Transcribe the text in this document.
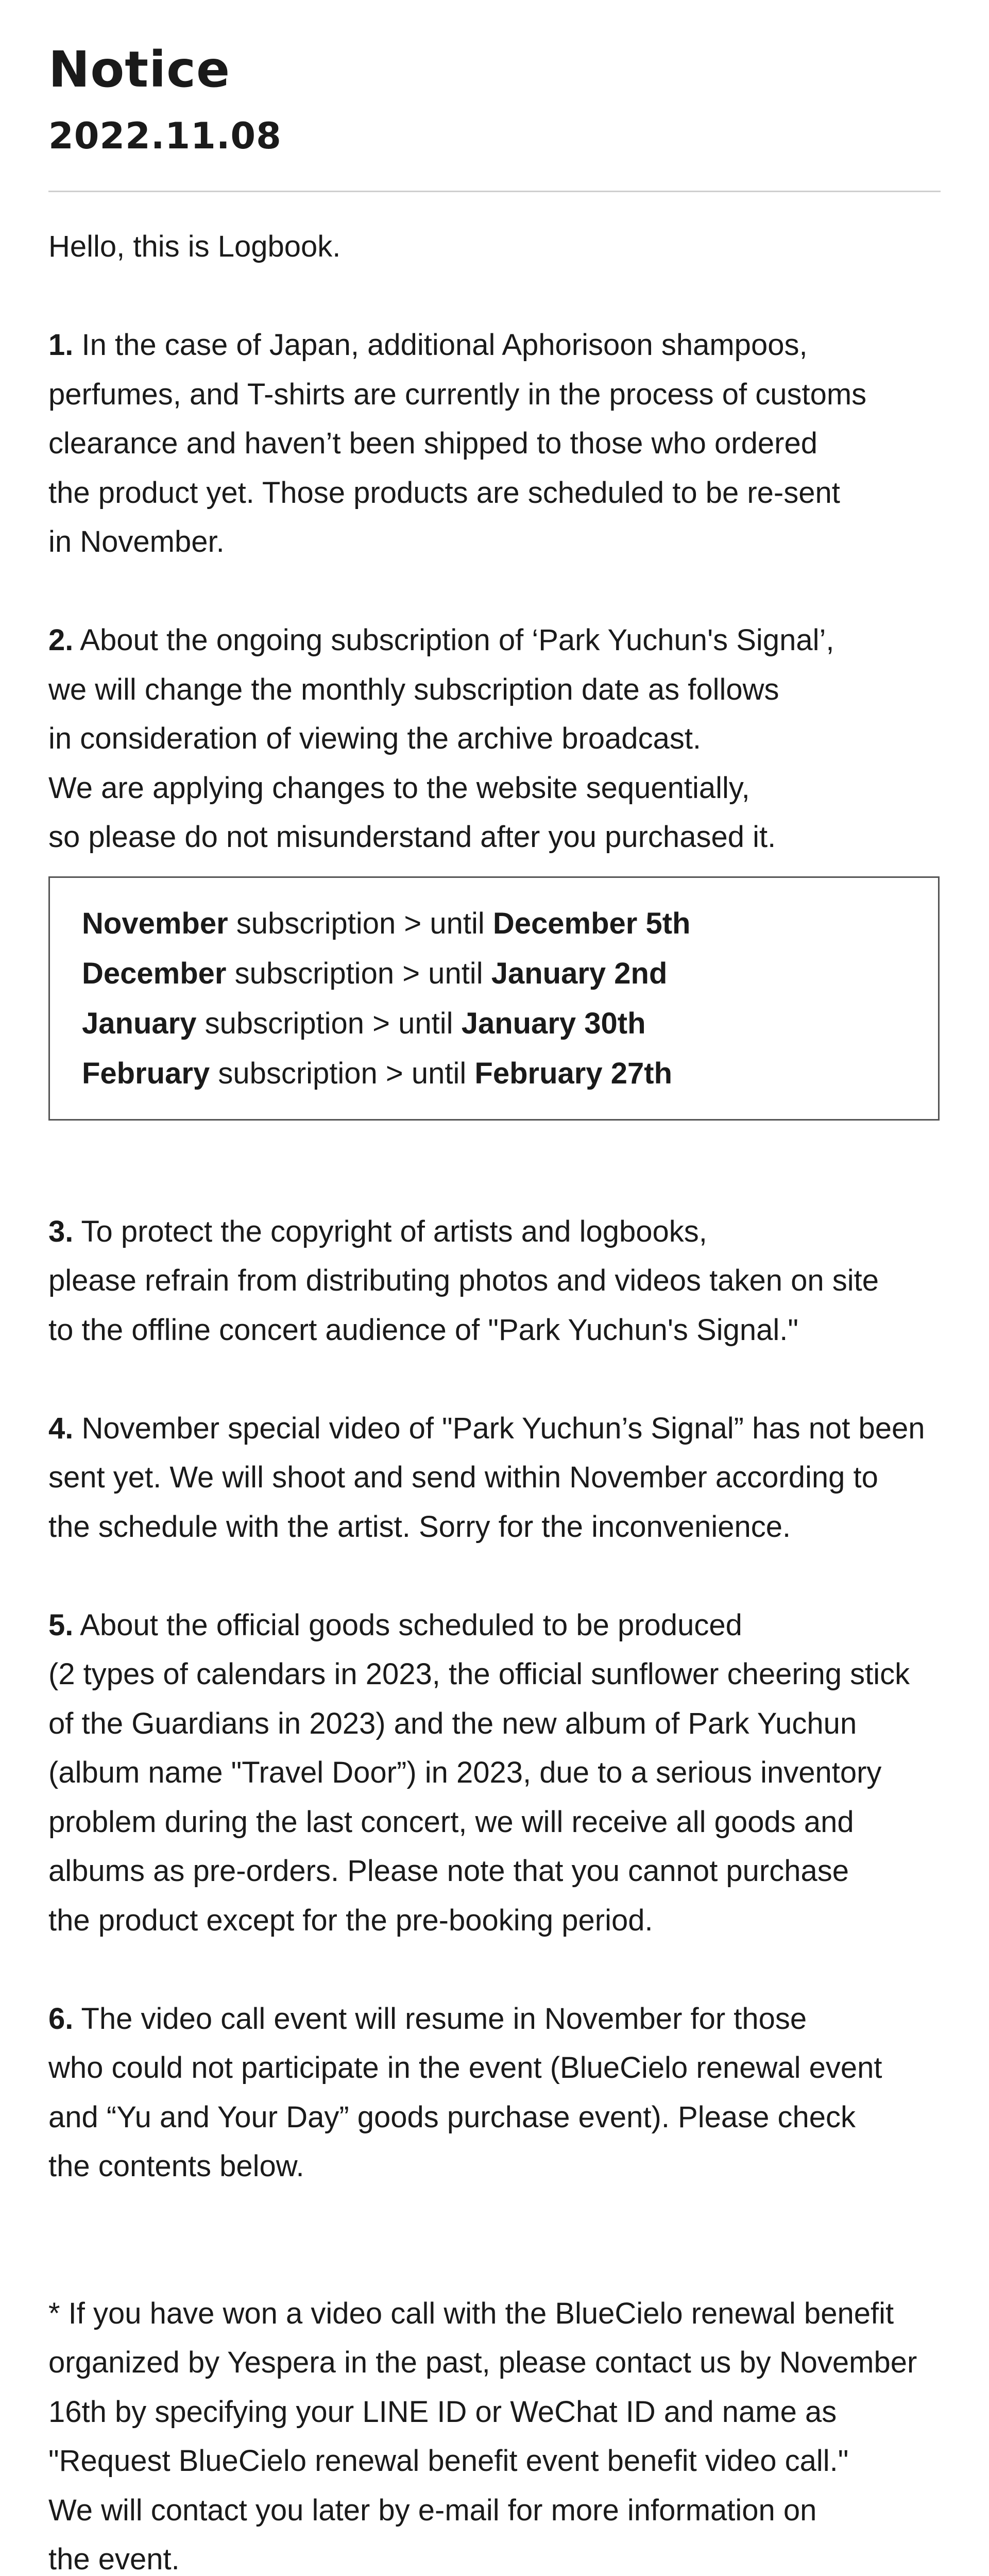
Notice
2022.11.08
Hello, this is Logbook.
1. In the case of Japan, additional Aphorisoon shampoos,
perfumes, and T-shirts are currently in the process of customs
clearance and haven’t been shipped to those who ordered
the product yet. Those products are scheduled to be re-sent
in November.
2. About the ongoing subscription of ‘Park Yuchun's Signal’,
we will change the monthly subscription date as follows
in consideration of viewing the archive broadcast.
We are applying changes to the website sequentially,
so please do not misunderstand after you purchased it.
November subscription > until December 5th
December subscription > until January 2nd
January subscription > until January 30th
February subscription > until February 27th
3. To protect the copyright of artists and logbooks,
please refrain from distributing photos and videos taken on site
to the offline concert audience of "Park Yuchun's Signal."
4. November special video of "Park Yuchun’s Signal” has not been
sent yet. We will shoot and send within November according to
the schedule with the artist. Sorry for the inconvenience.
5. About the official goods scheduled to be produced
(2 types of calendars in 2023, the official sunflower cheering stick
of the Guardians in 2023) and the new album of Park Yuchun
(album name "Travel Door”) in 2023, due to a serious inventory
problem during the last concert, we will receive all goods and
albums as pre-orders. Please note that you cannot purchase
the product except for the pre-booking period.
6. The video call event will resume in November for those
who could not participate in the event (BlueCielo renewal event
and “Yu and Your Day” goods purchase event). Please check
the contents below.
* If you have won a video call with the BlueCielo renewal benefit
organized by Yespera in the past, please contact us by November
16th by specifying your LINE ID or WeChat ID and name as
"Request BlueCielo renewal benefit event benefit video call."
We will contact you later by e-mail for more information on
the event.
